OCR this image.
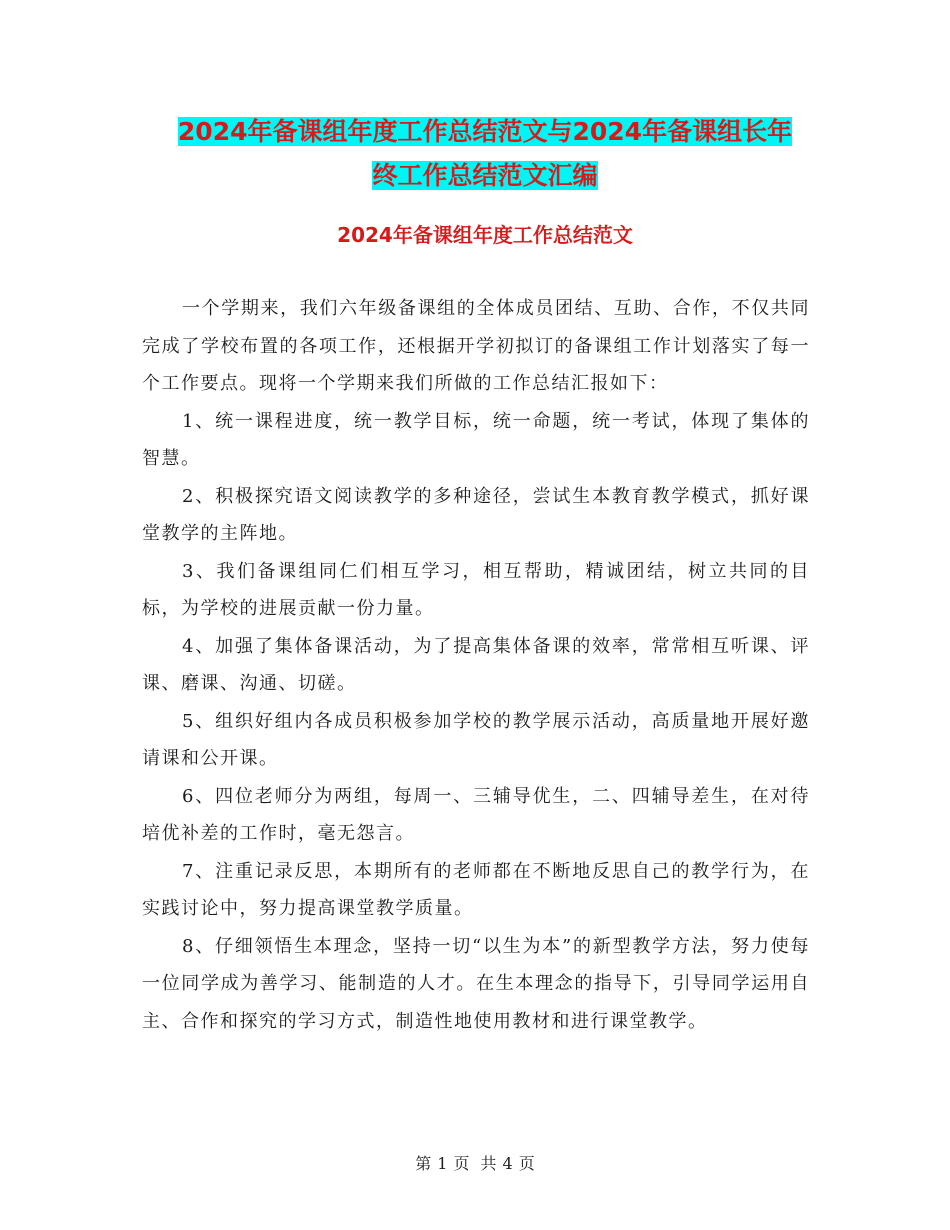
2024年备课组年度工作总结范文与2024年备课组长年
终工作总结范文汇编
2024年备课组年度工作总结范文

一个学期来，我们六年级备课组的全体成员团结、互助、合作，不仅共同完成了学校布置的各项工作，还根据开学初拟订的备课组工作计划落实了每一个工作要点。现将一个学期来我们所做的工作总结汇报如下：

1、统一课程进度，统一教学目标，统一命题，统一考试，体现了集体的智慧。

2、积极探究语文阅读教学的多种途径，尝试生本教育教学模式，抓好课堂教学的主阵地。

3、我们备课组同仁们相互学习，相互帮助，精诚团结，树立共同的目标，为学校的进展贡献一份力量。

4、加强了集体备课活动，为了提高集体备课的效率，常常相互听课、评课、磨课、沟通、切磋。

5、组织好组内各成员积极参加学校的教学展示活动，高质量地开展好邀请课和公开课。

6、四位老师分为两组，每周一、三辅导优生，二、四辅导差生，在对待培优补差的工作时，毫无怨言。

7、注重记录反思，本期所有的老师都在不断地反思自己的教学行为，在实践讨论中，努力提高课堂教学质量。

8、仔细领悟生本理念，坚持一切“以生为本”的新型教学方法，努力使每一位同学成为善学习、能制造的人才。在生本理念的指导下，引导同学运用自主、合作和探究的学习方式，制造性地使用教材和进行课堂教学。

第 1 页 共 4 页
